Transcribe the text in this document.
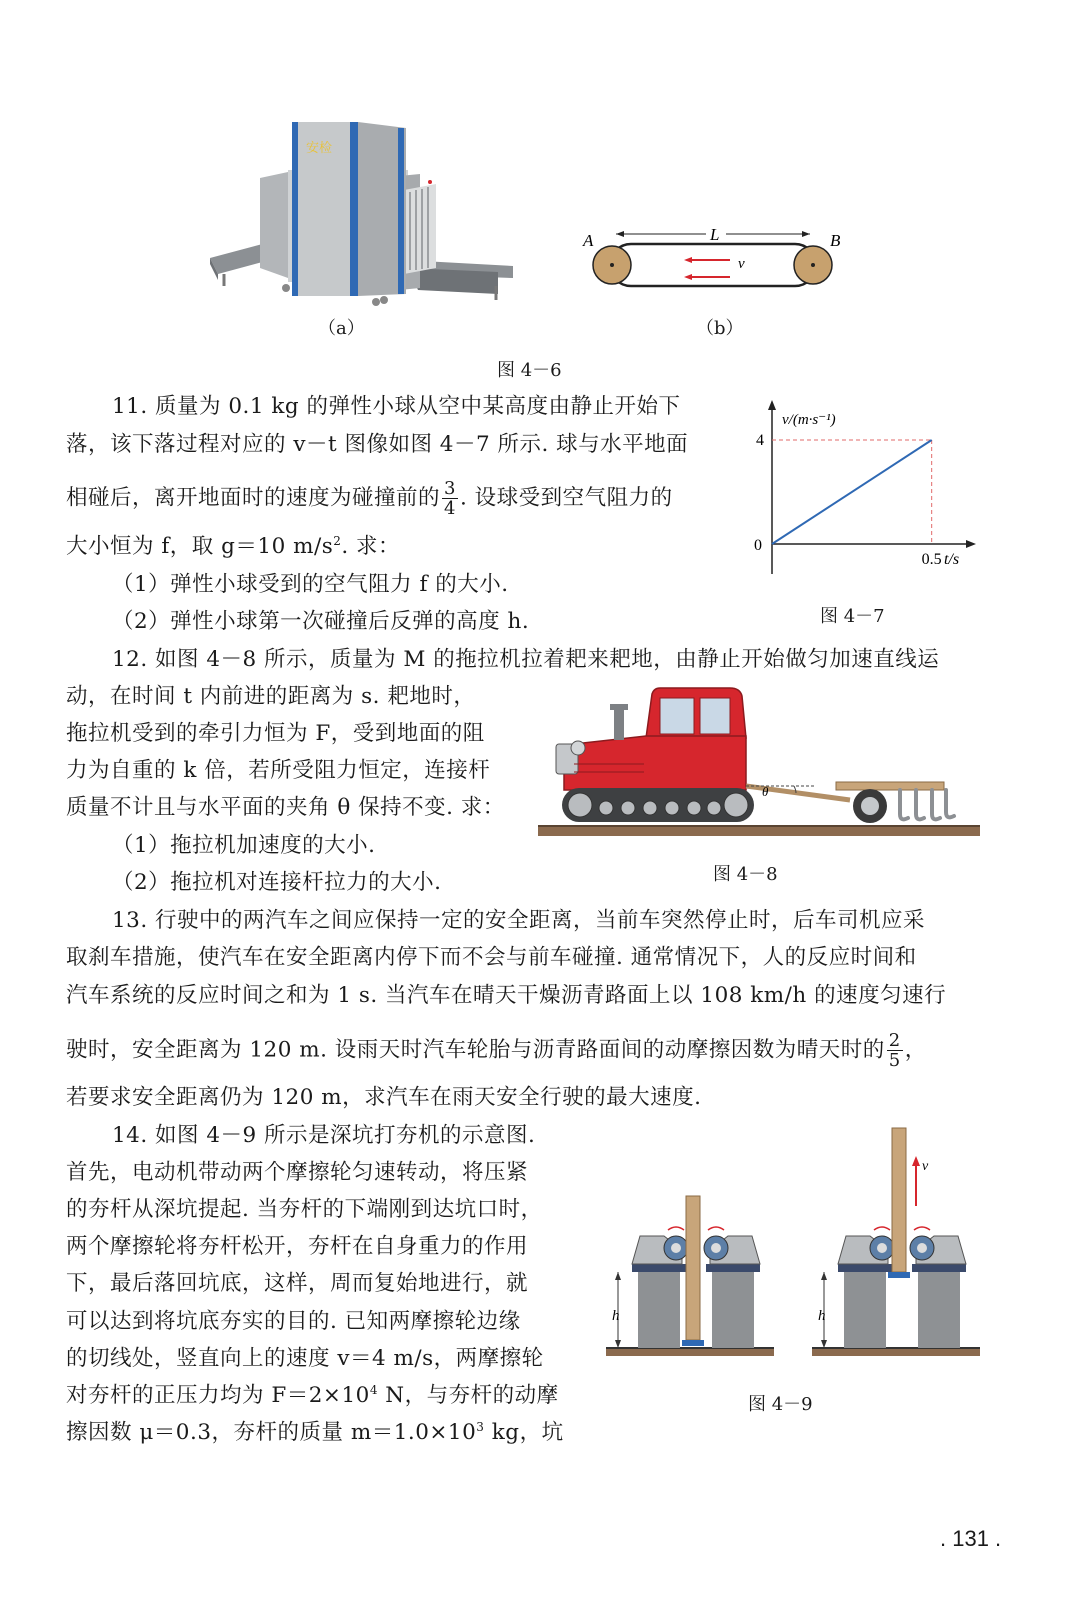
安检
A	B
L
v
（a）	（b）
图 4－6
11. 质量为 0.1 kg 的弹性小球从空中某高度由静止开始下
落，该下落过程对应的 v－t 图像如图 4－7 所示. 球与水平地面
相碰后，离开地面时的速度为碰撞前的 $\frac{3}{4}$ . 设球受到空气阻力的
大小恒为 f，取 g＝10 $m/s^2$. 求：
（1）弹性小球受到的空气阻力 f 的大小.
（2）弹性小球第一次碰撞后反弹的高度 h.
v/(m·s⁻¹)
t/s
0
4
0.5
图 4－7
12. 如图 4－8 所示，质量为 M 的拖拉机拉着耙来耙地，由静止开始做匀加速直线运
动，在时间 t 内前进的距离为 s. 耙地时，
拖拉机受到的牵引力恒为 F，受到地面的阻
力为自重的 k 倍，若所受阻力恒定，连接杆
质量不计且与水平面的夹角 θ 保持不变. 求：
（1）拖拉机加速度的大小.
（2）拖拉机对连接杆拉力的大小.
θ
图 4－8
13. 行驶中的两汽车之间应保持一定的安全距离，当前车突然停止时，后车司机应采
取刹车措施，使汽车在安全距离内停下而不会与前车碰撞. 通常情况下，人的反应时间和
汽车系统的反应时间之和为 1 s. 当汽车在晴天干燥沥青路面上以 108 km/h 的速度匀速行
驶时，安全距离为 120 m. 设雨天时汽车轮胎与沥青路面间的动摩擦因数为晴天时的 $\frac{2}{5}$ ，
若要求安全距离仍为 120 m，求汽车在雨天安全行驶的最大速度.
14. 如图 4－9 所示是深坑打夯机的示意图.
首先，电动机带动两个摩擦轮匀速转动，将压紧
的夯杆从深坑提起. 当夯杆的下端刚到达坑口时，
两个摩擦轮将夯杆松开，夯杆在自身重力的作用
下，最后落回坑底，这样，周而复始地进行，就
可以达到将坑底夯实的目的. 已知两摩擦轮边缘
的切线处，竖直向上的速度 v＝4 m/s，两摩擦轮
对夯杆的正压力均为 $F=2\times 10^4$ N，与夯杆的动摩
擦因数 μ＝0.3，夯杆的质量 $m=1.0\times 10^3$ kg，坑
h
v
h
图 4－9
. 131 .
